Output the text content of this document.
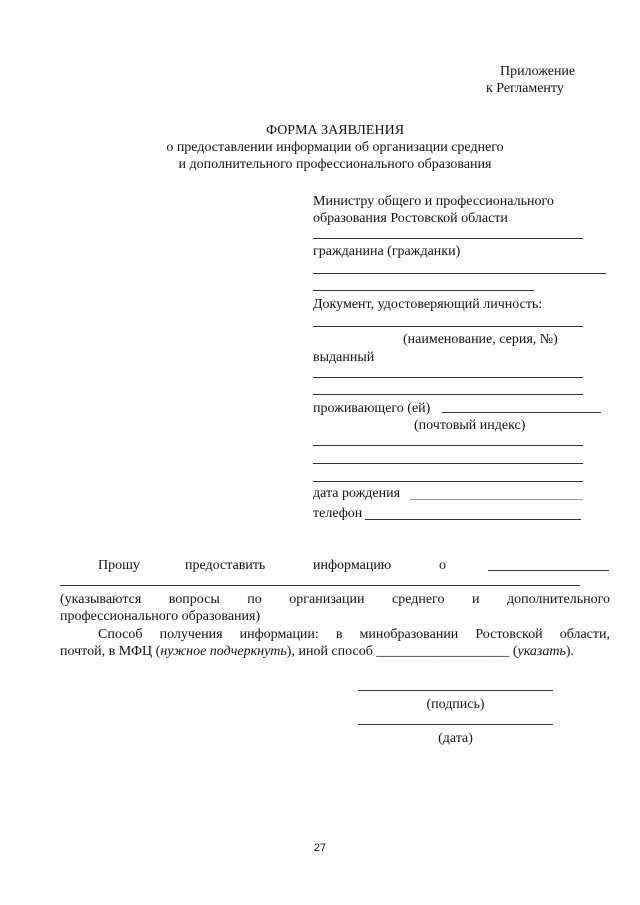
Приложение
к Регламенту
ФОРМА ЗАЯВЛЕНИЯ
о предоставлении информации об организации среднего
и дополнительного профессионального образования
Министру общего и профессионального
образования Ростовской области
гражданина (гражданки)
Документ, удостоверяющий личность:
(наименование, серия, №)
выданный
проживающего (ей)
(почтовый индекс)
дата рождения
телефон
Прошу	предоставить	информацию	о
(указываются вопросы по организации среднего и дополнительного
профессионального образования)
Способ получения информации: в минобразовании Ростовской области,
почтой, в МФЦ (нужное подчеркнуть), иной способ ___________________ (указать).
(подпись)
(дата)
27
